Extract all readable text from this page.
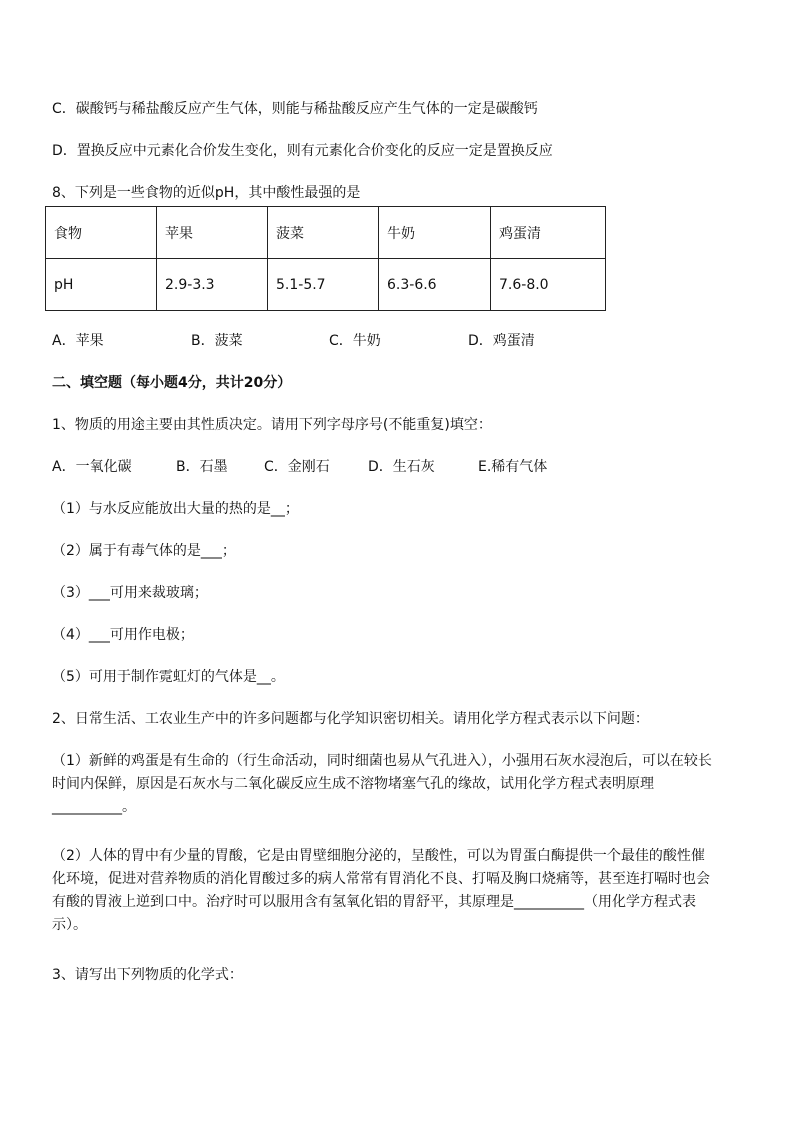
C．碳酸钙与稀盐酸反应产生气体，则能与稀盐酸反应产生气体的一定是碳酸钙
D．置换反应中元素化合价发生变化，则有元素化合价变化的反应一定是置换反应
8、下列是一些食物的近似pH，其中酸性最强的是
食物	苹果	菠菜	牛奶	鸡蛋清
pH	2.9-3.3	5.1-5.7	6.3-6.6	7.6-8.0
A．苹果	B．菠菜	C．牛奶	D．鸡蛋清
二、填空题（每小题4分，共计20分）
1、物质的用途主要由其性质决定。请用下列字母序号(不能重复)填空：
A．一氧化碳	B．石墨	C．金刚石	D．生石灰	E.稀有气体
（1）与水反应能放出大量的热的是__；
（2）属于有毒气体的是___；
（3）___可用来裁玻璃；
（4）___可用作电极；
（5）可用于制作霓虹灯的气体是__。
2、日常生活、工农业生产中的许多问题都与化学知识密切相关。请用化学方程式表示以下问题：
（1）新鲜的鸡蛋是有生命的（行生命活动，同时细菌也易从气孔进入），小强用石灰水浸泡后，可以在较长
时间内保鲜，原因是石灰水与二氧化碳反应生成不溶物堵塞气孔的缘故，试用化学方程式表明原理
__________。
（2）人体的胃中有少量的胃酸，它是由胃壁细胞分泌的，呈酸性，可以为胃蛋白酶提供一个最佳的酸性催
化环境，促进对营养物质的消化胃酸过多的病人常常有胃消化不良、打嗝及胸口烧痛等，甚至连打嗝时也会
有酸的胃液上逆到口中。治疗时可以服用含有氢氧化铝的胃舒平，其原理是__________（用化学方程式表
示）。
3、请写出下列物质的化学式：
